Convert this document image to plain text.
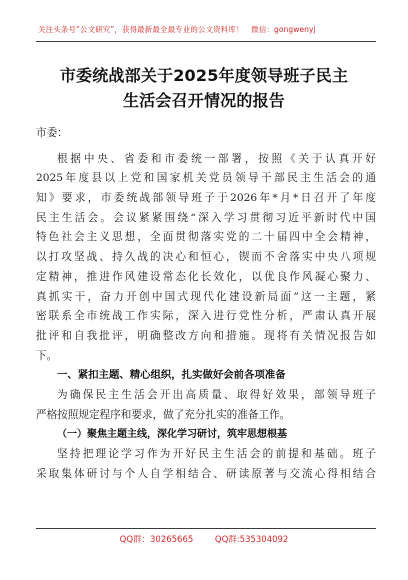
关注头条号“公文研究”，获得最新最全最专业的公文资料库！　微信：gongwenyj
市委统战部关于2025年度领导班子民主
生活会召开情况的报告

市委：

根据中央、省委和市委统一部署，按照《关于认真开好
2025年度县以上党和国家机关党员领导干部民主生活会的通
知》要求，市委统战部领导班子于2026年*月*日召开了年度
民主生活会。会议紧紧围绕“深入学习贯彻习近平新时代中国
特色社会主义思想，全面贯彻落实党的二十届四中全会精神，
以打攻坚战、持久战的决心和恒心，锲而不舍落实中央八项规
定精神，推进作风建设常态化长效化，以优良作风凝心聚力、
真抓实干，奋力开创中国式现代化建设新局面”这一主题，紧
密联系全市统战工作实际，深入进行党性分析，严肃认真开展
批评和自我批评，明确整改方向和措施。现将有关情况报告如
下。

一、紧扣主题、精心组织，扎实做好会前各项准备

为确保民主生活会开出高质量、取得好效果，部领导班子
严格按照规定程序和要求，做了充分扎实的准备工作。

（一）聚焦主题主线，深化学习研讨，筑牢思想根基

坚持把理论学习作为开好民主生活会的前提和基础。班子
采取集体研讨与个人自学相结合、研读原著与交流心得相结合

QQ群：30265665	QQ群:535304092
